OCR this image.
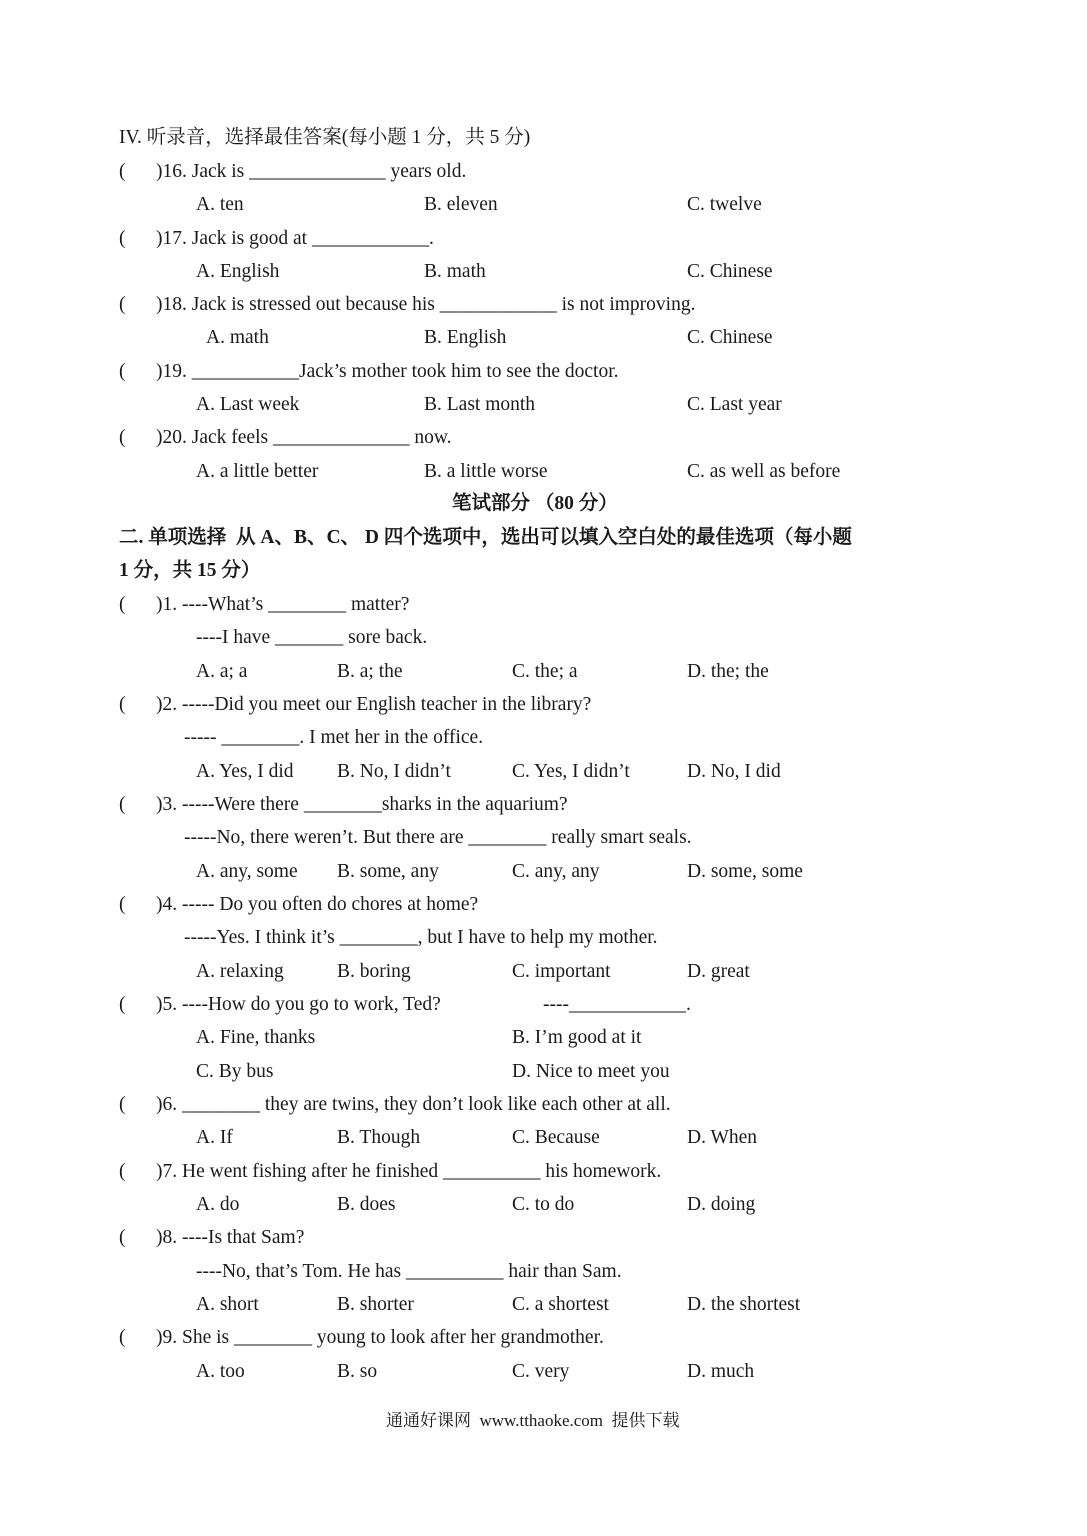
IV. 听录音，选择最佳答案(每小题 1 分，共 5 分)
( )16. Jack is ______________ years old.
A. ten	B. eleven	C. twelve
( )17. Jack is good at ____________.
A. English	B. math	C. Chinese
( )18. Jack is stressed out because his ____________ is not improving.
A. math	B. English	C. Chinese
( )19. ___________Jack’s mother took him to see the doctor.
A. Last week	B. Last month	C. Last year
( )20. Jack feels ______________ now.
A. a little better	B. a little worse	C. as well as before
笔试部分 （80 分）
二. 单项选择  从 A、B、C、 D 四个选项中，选出可以填入空白处的最佳选项（每小题
1 分，共 15 分）
( )1. ----What’s ________ matter?
----I have _______ sore back.
A. a; a	B. a; the	C. the; a	D. the; the
( )2. -----Did you meet our English teacher in the library?
----- ________. I met her in the office.
A. Yes, I did B. No, I didn’t	C. Yes, I didn’t	D. No, I did
( )3. -----Were there ________sharks in the aquarium?
-----No, there weren’t. But there are ________ really smart seals.
A. any, some B. some, any	C. any, any	D. some, some
( )4. ----- Do you often do chores at home?
-----Yes. I think it’s ________, but I have to help my mother.
A. relaxing	B. boring	C. important	D. great
( )5. ----How do you go to work, Ted?	----____________.
A. Fine, thanks	B. I’m good at it
C. By bus	D. Nice to meet you
( )6. ________ they are twins, they don’t look like each other at all.
A. If	B. Though	C. Because	D. When
( )7. He went fishing after he finished __________ his homework.
A. do	B. does	C. to do	D. doing
( )8. ----Is that Sam?
----No, that’s Tom. He has __________ hair than Sam.
A. short	B. shorter	C. a shortest	D. the shortest
( )9. She is ________ young to look after her grandmother.
A. too	B. so	C. very	D. much
通通好课网  www.tthaoke.com  提供下载
